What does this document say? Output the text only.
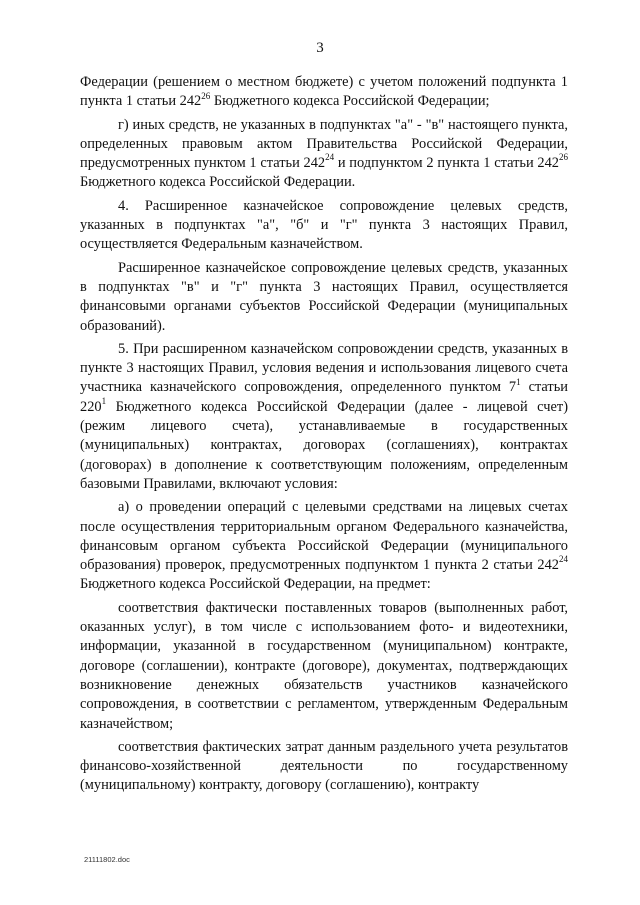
3

Федерации (решением о местном бюджете) с учетом положений подпункта 1 пункта 1 статьи $242^{26}$ Бюджетного кодекса Российской Федерации;

г) иных средств, не указанных в подпунктах "а" - "в" настоящего пункта, определенных правовым актом Правительства Российской Федерации, предусмотренных пунктом 1 статьи $242^{24}$ и подпунктом 2 пункта 1 статьи $242^{26}$ Бюджетного кодекса Российской Федерации.

4. Расширенное казначейское сопровождение целевых средств, указанных в подпунктах "а", "б" и "г" пункта 3 настоящих Правил, осуществляется Федеральным казначейством.

Расширенное казначейское сопровождение целевых средств, указанных в подпунктах "в" и "г" пункта 3 настоящих Правил, осуществляется финансовыми органами субъектов Российской Федерации (муниципальных образований).

5. При расширенном казначейском сопровождении средств, указанных в пункте 3 настоящих Правил, условия ведения и использования лицевого счета участника казначейского сопровождения, определенного пунктом $7^1$ статьи $220^1$ Бюджетного кодекса Российской Федерации (далее - лицевой счет) (режим лицевого счета), устанавливаемые в государственных (муниципальных) контрактах, договорах (соглашениях), контрактах (договорах) в дополнение к соответствующим положениям, определенным базовыми Правилами, включают условия:

а) о проведении операций с целевыми средствами на лицевых счетах после осуществления территориальным органом Федерального казначейства, финансовым органом субъекта Российской Федерации (муниципального образования) проверок, предусмотренных подпунктом 1 пункта 2 статьи $242^{24}$ Бюджетного кодекса Российской Федерации, на предмет:

соответствия фактически поставленных товаров (выполненных работ, оказанных услуг), в том числе с использованием фото- и видеотехники, информации, указанной в государственном (муниципальном) контракте, договоре (соглашении), контракте (договоре), документах, подтверждающих возникновение денежных обязательств участников казначейского сопровождения, в соответствии с регламентом, утвержденным Федеральным казначейством;

соответствия фактических затрат данным раздельного учета результатов финансово-хозяйственной деятельности по государственному (муниципальному) контракту, договору (соглашению), контракту

21111802.doc
